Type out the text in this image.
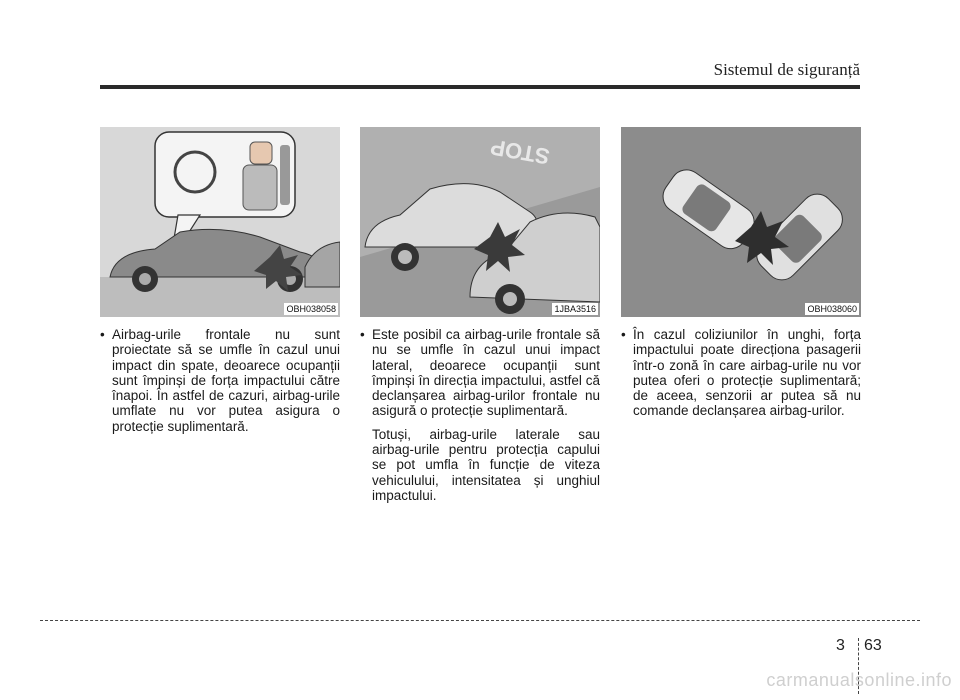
Sistemul de siguranță
OBH038058
• Airbag-urile frontale nu sunt proiectate să se umfle în cazul unui impact din spate, deoarece ocupanții sunt împinși de forța impactului către înapoi. În astfel de cazuri, airbag-urile umflate nu vor putea asigura o protecție suplimentară.
STOP
1JBA3516
• Este posibil ca airbag-urile frontale să nu se umfle în cazul unui impact lateral, deoarece ocupanții sunt împinși în direcția impactului, astfel că declanșarea airbag-urilor frontale nu asigură o protecție suplimentară.
Totuși, airbag-urile laterale sau airbag-urile pentru protecția capului se pot umfla în funcție de viteza vehiculului, intensitatea și unghiul impactului.
OBH038060
• În cazul coliziunilor în unghi, forța impactului poate direcționa pasagerii într-o zonă în care airbag-urile nu vor putea oferi o protecție suplimentară; de aceea, senzorii ar putea să nu comande declanșarea airbag-urilor.
3 63
carmanualsonline.info
